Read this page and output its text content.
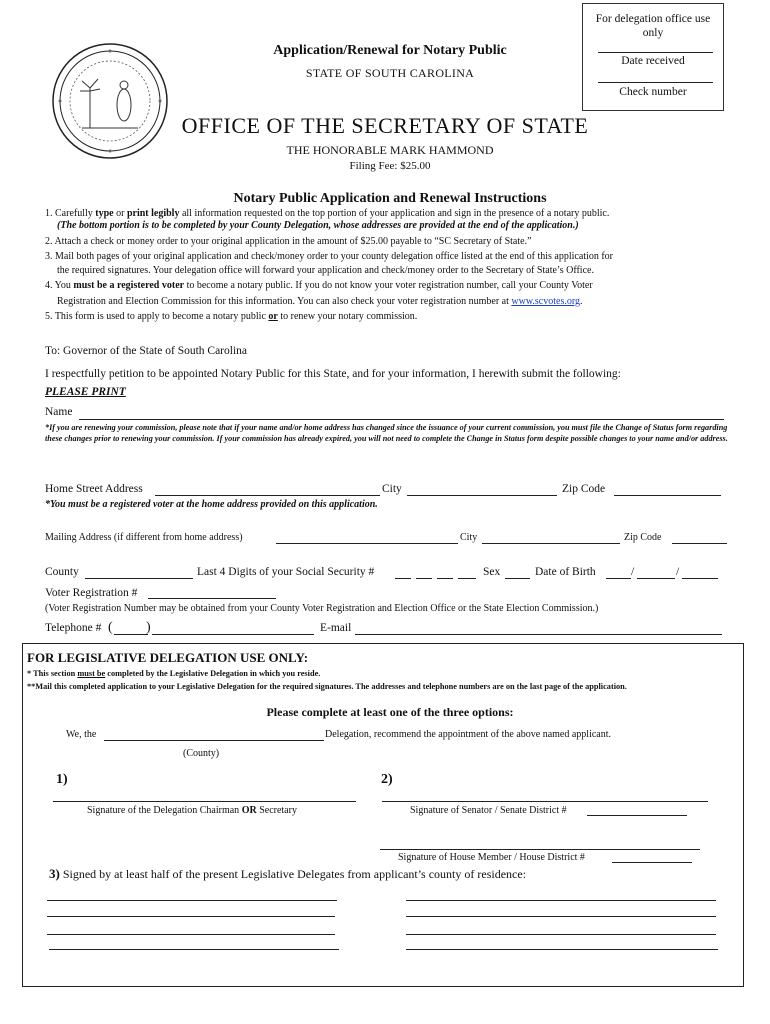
For delegation office use only
Date received
Check number
Application/Renewal for Notary Public
STATE OF SOUTH CAROLINA
OFFICE OF THE SECRETARY OF STATE
THE HONORABLE MARK HAMMOND
Filing Fee: $25.00
Notary Public Application and Renewal Instructions
1. Carefully type or print legibly all information requested on the top portion of your application and sign in the presence of a notary public.
(The bottom portion is to be completed by your County Delegation, whose addresses are provided at the end of the application.)
2. Attach a check or money order to your original application in the amount of $25.00 payable to “SC Secretary of State.”
3. Mail both pages of your original application and check/money order to your county delegation office listed at the end of this application for
the required signatures. Your delegation office will forward your application and check/money order to the Secretary of State’s Office.
4. You must be a registered voter to become a notary public. If you do not know your voter registration number, call your County Voter
Registration and Election Commission for this information. You can also check your voter registration number at www.scvotes.org.
5. This form is used to apply to become a notary public or to renew your notary commission.
To: Governor of the State of South Carolina
I respectfully petition to be appointed Notary Public for this State, and for your information, I herewith submit the following:
PLEASE PRINT
Name
*If you are renewing your commission, please note that if your name and/or home address has changed since the issuance of your current commission, you must file the Change of Status form regarding these changes prior to renewing your commission. If your commission has already expired, you will not need to complete the Change in Status form despite possible changes to your name and/or address.
Home Street Address	City	Zip Code
*You must be a registered voter at the home address provided on this application.
Mailing Address (if different from home address)	City	Zip Code
County	Last 4 Digits of your Social Security #	Sex	Date of Birth	/	/
Voter Registration #
(Voter Registration Number may be obtained from your County Voter Registration and Election Office or the State Election Commission.)
Telephone # ( )	E-mail
FOR LEGISLATIVE DELEGATION USE ONLY:
* This section must be completed by the Legislative Delegation in which you reside.
**Mail this completed application to your Legislative Delegation for the required signatures. The addresses and telephone numbers are on the last page of the application.
Please complete at least one of the three options:
We, the	Delegation, recommend the appointment of the above named applicant.
(County)
1)	2)
Signature of the Delegation Chairman OR Secretary	Signature of Senator / Senate District #
Signature of House Member / House District #
3) Signed by at least half of the present Legislative Delegates from applicant’s county of residence:
